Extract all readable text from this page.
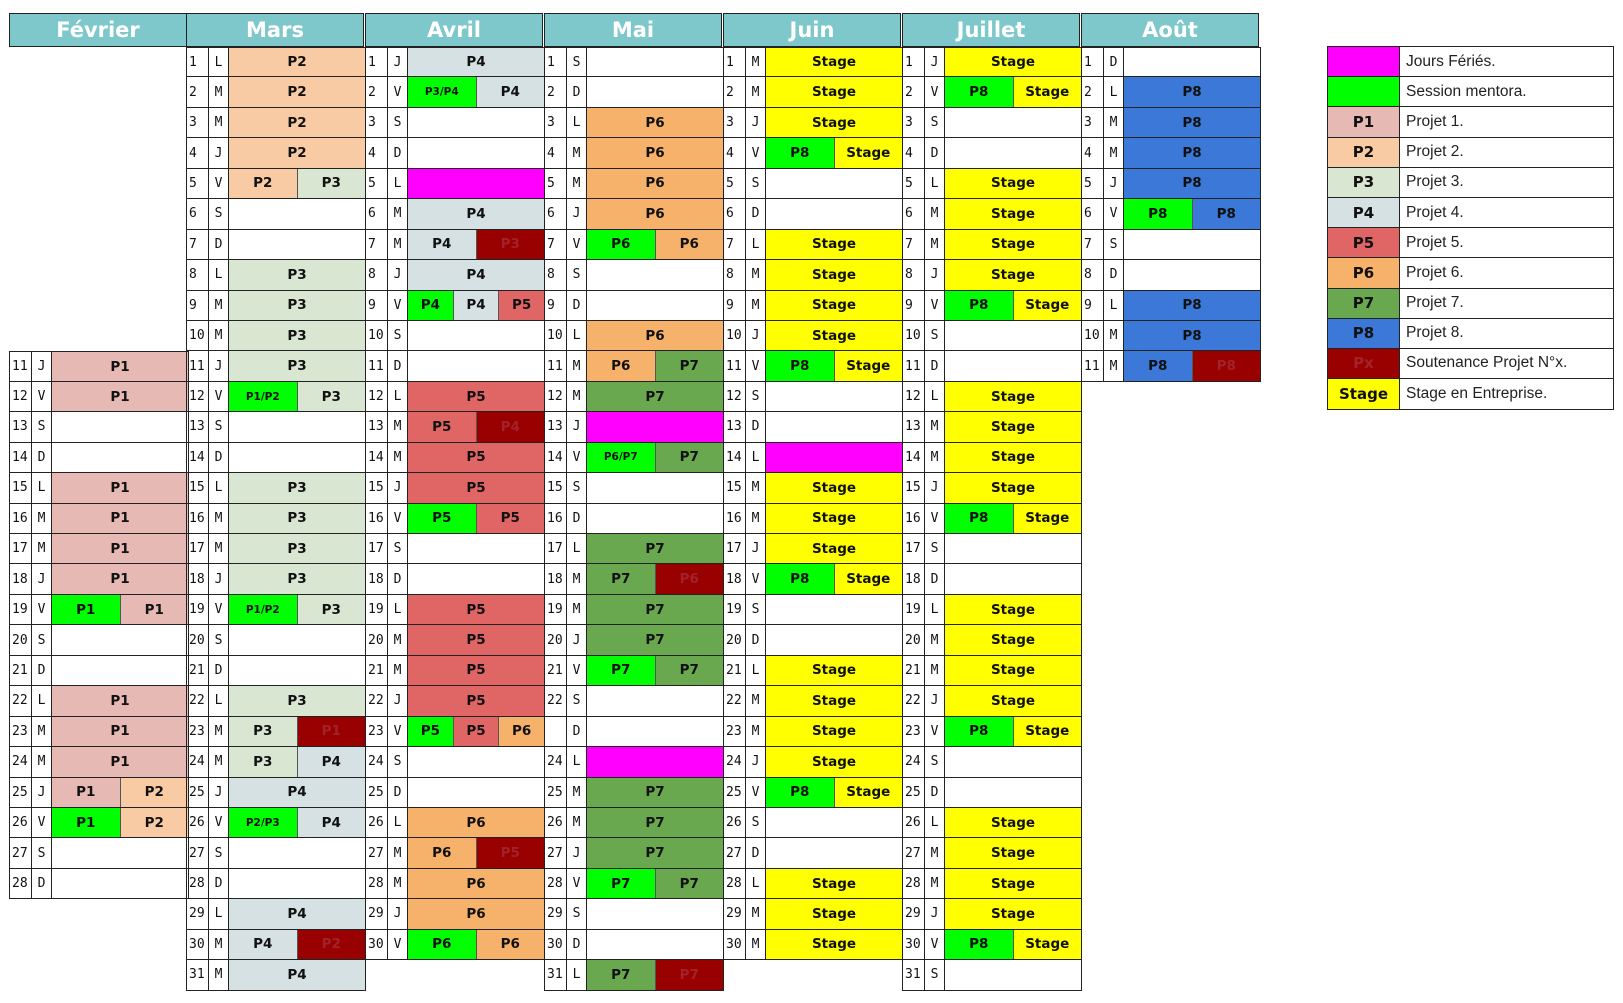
Février
11 J	P1
12 V	P1
13 S
14 D
15 L	P1
16 M	P1
17 M	P1
18 J	P1
19 V	P1	P1
20 S
21 D
22 L	P1
23 M	P1
24 M	P1
25 J	P1	P2
26 V	P1	P2
27 S
28 D
Mars
1	L	P2
2	M	P2
3	M	P2
4	J	P2
5	V	P2	P3
6	S
7	D
8	L	P3
9	M	P3
10 M	P3
11 J	P3
12 V	P1/P2	P3
13 S
14 D
15 L	P3
16 M	P3
17 M	P3
18 J	P3
19 V	P1/P2	P3
20 S
21 D
22 L	P3
23 M	P3	P1
24 M	P3	P4
25 J	P4
26 V	P2/P3	P4
27 S
28 D
29 L	P4
30 M	P4	P2
31 M	P4
Avril
1	J	P4
2	V	P3/P4	P4
3	S
4	D
5	L
6	M	P4
7	M	P4	P3
8	J	P4
9	V	P4	P4	P5
10 S
11 D
12 L	P5
13 M	P5	P4
14 M	P5
15 J	P5
16 V	P5	P5
17 S
18 D
19 L	P5
20 M	P5
21 M	P5
22 J	P5
23 V	P5	P5	P6
24 S
25 D
26 L	P6
27 M	P6	P5
28 M	P6
29 J	P6
30 V	P6	P6
Mai
1	S
2	D
3	L	P6
4	M	P6
5	M	P6
6	J	P6
7	V	P6	P6
8	S
9	D
10 L	P6
11 M	P6	P7
12 M	P7
13 J
14 V	P6/P7	P7
15 S
16 D
17 L	P7
18 M	P7	P6
19 M	P7
20 J	P7
21 V	P7	P7
22 S
D
24 L
25 M	P7
26 M	P7
27 J	P7
28 V	P7	P7
29 S
30 D
31 L	P7	P7
Juin
1	M	Stage
2	M	Stage
3	J	Stage
4	V	P8	Stage
5	S
6	D
7	L	Stage
8	M	Stage
9	M	Stage
10 J	Stage
11 V	P8	Stage
12 S
13 D
14 L
15 M	Stage
16 M	Stage
17 J	Stage
18 V	P8	Stage
19 S
20 D
21 L	Stage
22 M	Stage
23 M	Stage
24 J	Stage
25 V	P8	Stage
26 S
27 D
28 L	Stage
29 M	Stage
30 M	Stage
Juillet
1	J	Stage
2	V	P8	Stage
3	S
4	D
5	L	Stage
6	M	Stage
7	M	Stage
8	J	Stage
9	V	P8	Stage
10 S
11 D
12 L	Stage
13 M	Stage
14 M	Stage
15 J	Stage
16 V	P8	Stage
17 S
18 D
19 L	Stage
20 M	Stage
21 M	Stage
22 J	Stage
23 V	P8	Stage
24 S
25 D
26 L	Stage
27 M	Stage
28 M	Stage
29 J	Stage
30 V	P8	Stage
31 S
Août
1	D
2	L	P8
3	M	P8
4	M	P8
5	J	P8
6	V	P8	P8
7	S
8	D
9	L	P8
10 M	P8
11 M	P8	P8
Jours Fériés.
Session mentora.
P1	Projet 1.
P2	Projet 2.
P3	Projet 3.
P4	Projet 4.
P5	Projet 5.
P6	Projet 6.
P7	Projet 7.
P8	Projet 8.
Px	Soutenance Projet N°x.
Stage	Stage en Entreprise.
